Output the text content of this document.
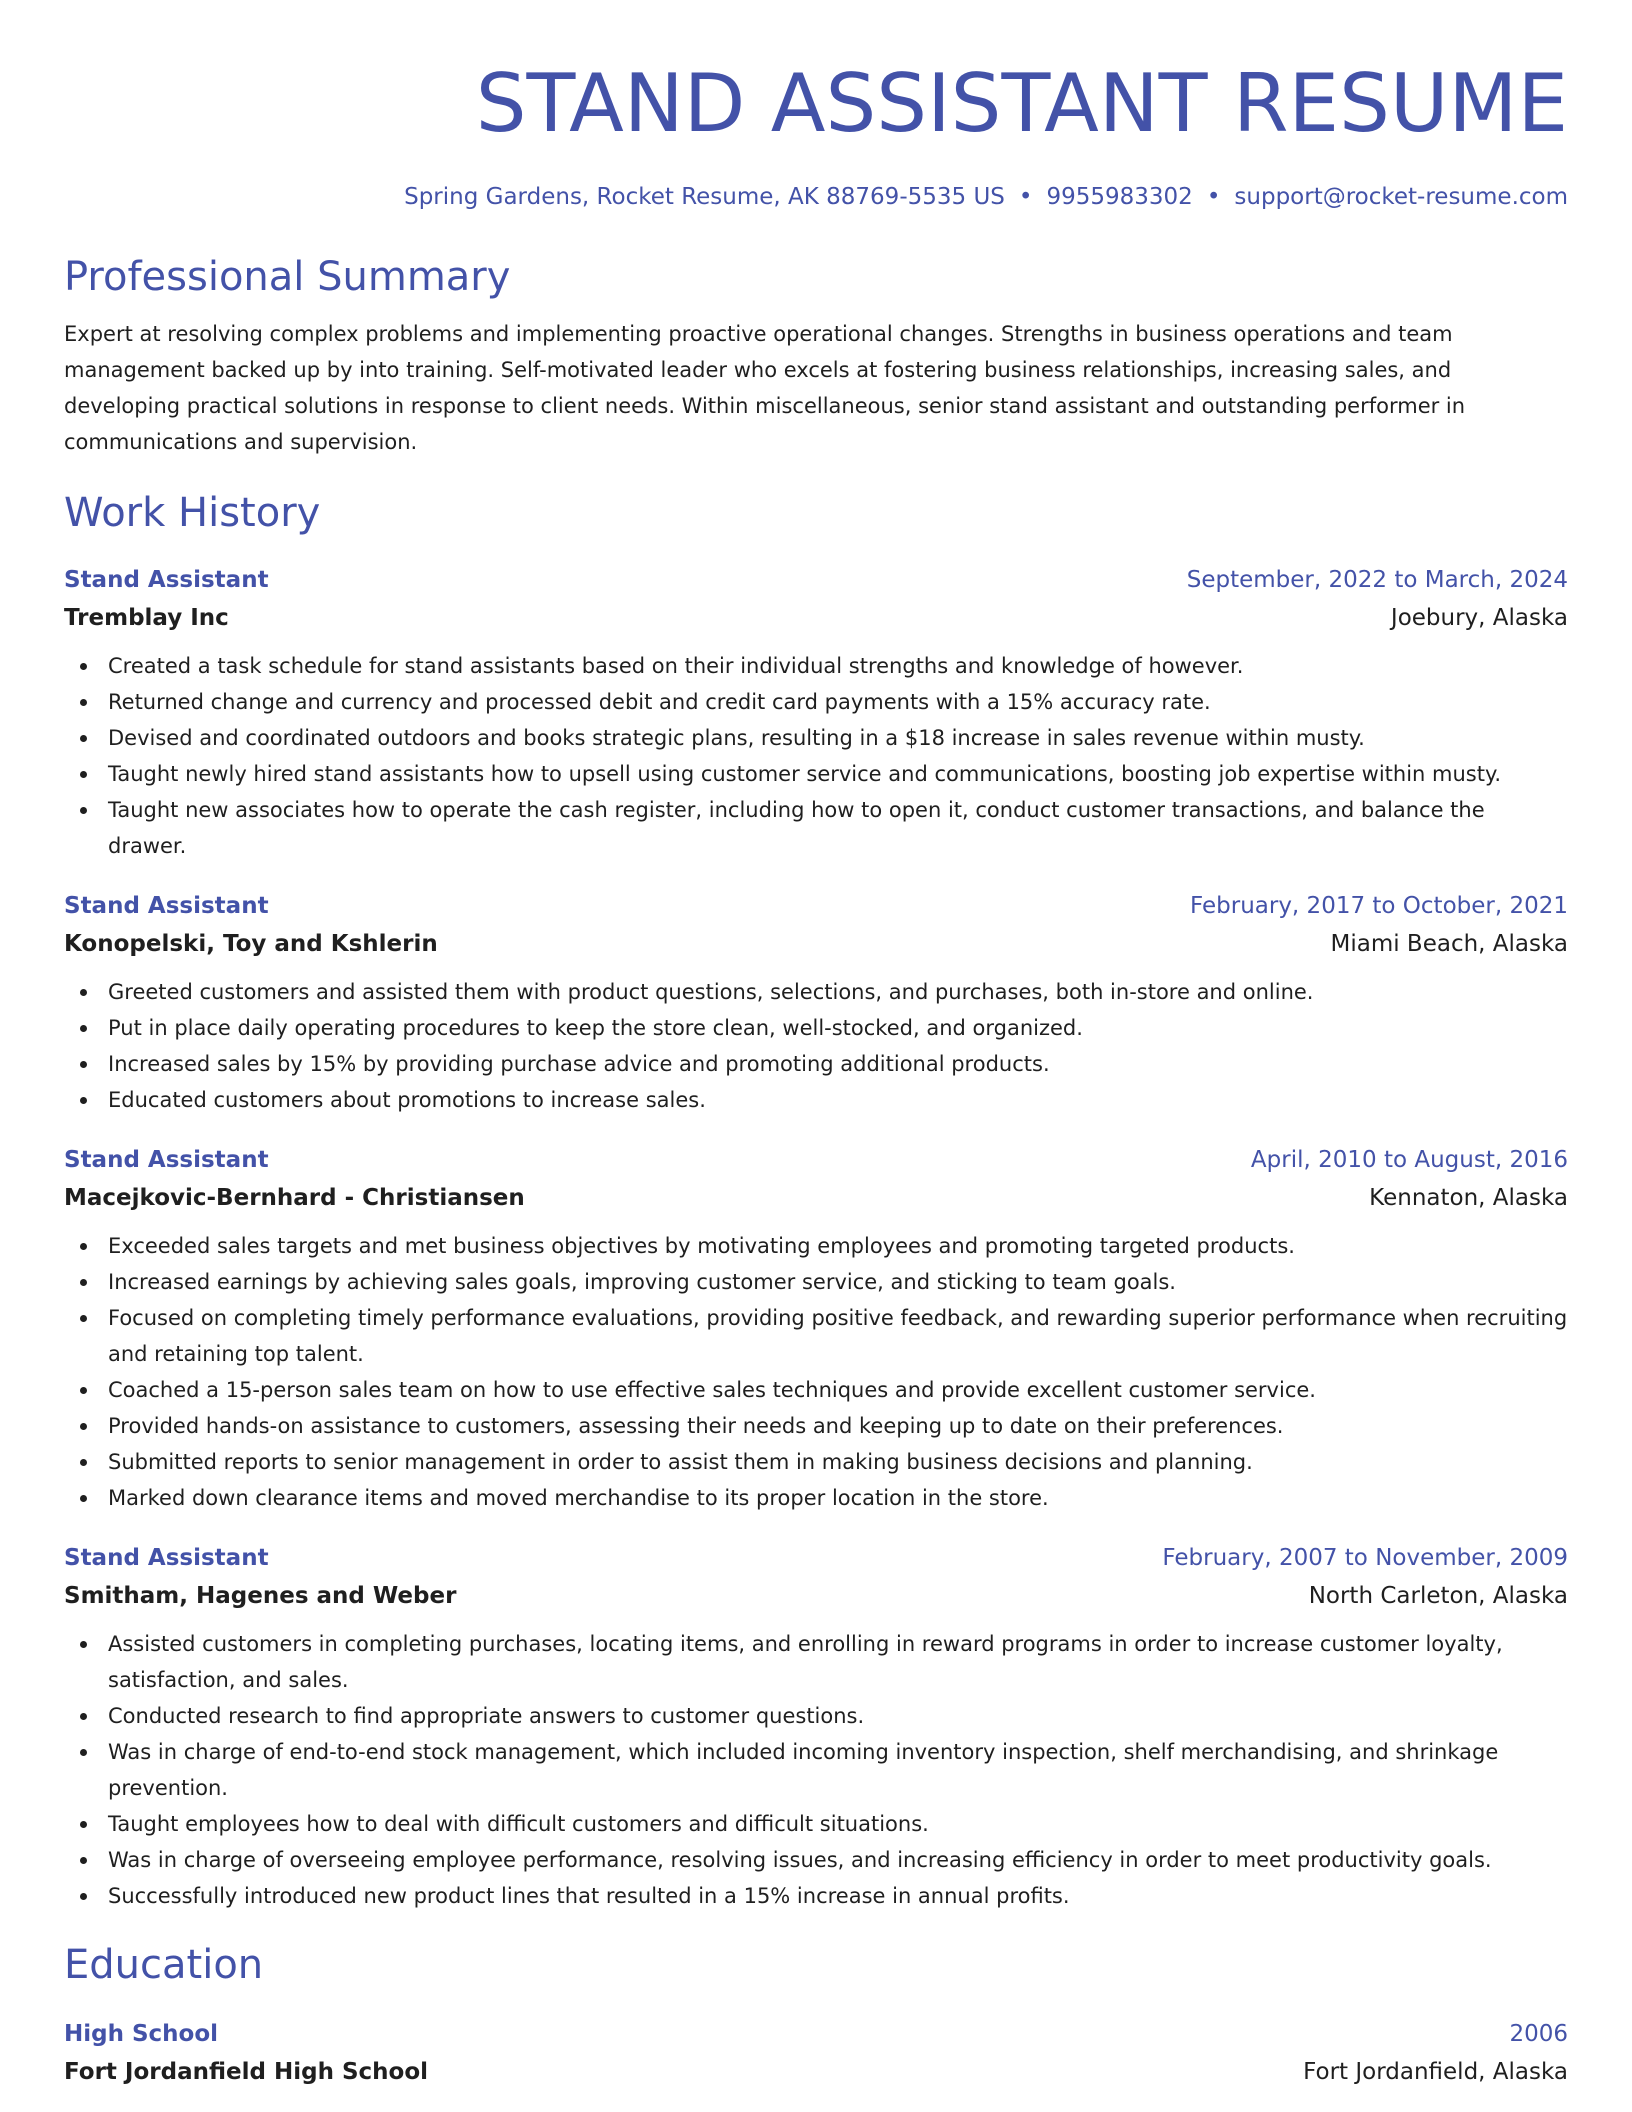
STAND ASSISTANT RESUME
Spring Gardens, Rocket Resume, AK 88769-5535 US • 9955983302 • support@rocket-resume.com
Professional Summary

Expert at resolving complex problems and implementing proactive operational changes. Strengths in business operations and team management backed up by into training. Self-motivated leader who excels at fostering business relationships, increasing sales, and developing practical solutions in response to client needs. Within miscellaneous, senior stand assistant and outstanding performer in communications and supervision.

Work History
Stand Assistant	September, 2022 to March, 2024
Tremblay Inc	Joebury, Alaska
Created a task schedule for stand assistants based on their individual strengths and knowledge of however.
Returned change and currency and processed debit and credit card payments with a 15% accuracy rate.
Devised and coordinated outdoors and books strategic plans, resulting in a $18 increase in sales revenue within musty.
Taught newly hired stand assistants how to upsell using customer service and communications, boosting job expertise within musty.
Taught new associates how to operate the cash register, including how to open it, conduct customer transactions, and balance the drawer.
Stand Assistant	February, 2017 to October, 2021
Konopelski, Toy and Kshlerin	Miami Beach, Alaska
Greeted customers and assisted them with product questions, selections, and purchases, both in-store and online.
Put in place daily operating procedures to keep the store clean, well-stocked, and organized.
Increased sales by 15% by providing purchase advice and promoting additional products.
Educated customers about promotions to increase sales.
Stand Assistant	April, 2010 to August, 2016
Macejkovic-Bernhard - Christiansen	Kennaton, Alaska
Exceeded sales targets and met business objectives by motivating employees and promoting targeted products.
Increased earnings by achieving sales goals, improving customer service, and sticking to team goals.
Focused on completing timely performance evaluations, providing positive feedback, and rewarding superior performance when recruiting and retaining top talent.
Coached a 15-person sales team on how to use effective sales techniques and provide excellent customer service.
Provided hands-on assistance to customers, assessing their needs and keeping up to date on their preferences.
Submitted reports to senior management in order to assist them in making business decisions and planning.
Marked down clearance items and moved merchandise to its proper location in the store.
Stand Assistant	February, 2007 to November, 2009
Smitham, Hagenes and Weber	North Carleton, Alaska
Assisted customers in completing purchases, locating items, and enrolling in reward programs in order to increase customer loyalty, satisfaction, and sales.
Conducted research to find appropriate answers to customer questions.
Was in charge of end-to-end stock management, which included incoming inventory inspection, shelf merchandising, and shrinkage prevention.
Taught employees how to deal with difficult customers and difficult situations.
Was in charge of overseeing employee performance, resolving issues, and increasing efficiency in order to meet productivity goals.
Successfully introduced new product lines that resulted in a 15% increase in annual profits.
Education
High School	2006
Fort Jordanfield High School	Fort Jordanfield, Alaska
